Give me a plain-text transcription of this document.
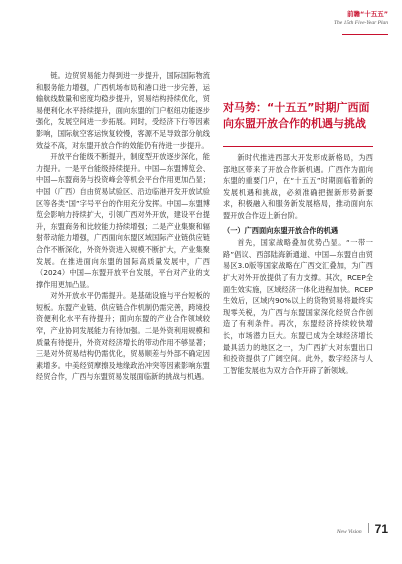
前瞻“十五五”
The 15th Five-Year Plan

链。边贸贸易能力得到进一步提升，国际国际物流和服务能力增强，广西机场布局和港口进一步完善，运输航线数量和密度均稳步提升，贸易结构持续优化，贸易便利化水平持续提升，面向东盟的门户枢纽功能逐步强化，发展空间进一步拓展。同时，受经济下行等因素影响，国际航空客运恢复较慢，客源不足导致部分航线效益不高，对东盟开放合作的效能仍有待进一步提升。

开放平台能级不断提升，制度型开放逐步深化，能力提升。一是平台能级持续提升。中国—东盟博览会、中国—东盟商务与投资峰会等机会平台作用更加凸显；中国（广西）自由贸易试验区、沿边临港开发开放试验区等各类“国”字号平台的作用充分发挥。中国—东盟博览会影响力持续扩大，引领广西对外开放，建设平台提升，东盟商务和比较能力持续增强；二是产业集聚和辐射带动能力增强，广西面向东盟区域国际产业链供应链合作不断深化，外资外资进入规模不断扩大，产业集聚发展。在推进面向东盟的国际高质量发展中，广西（2024）中国—东盟开放平台发展，平台对产业的支撑作用更加凸显。

对外开放水平仍需提升。是基础设施与平台短板的短板。东盟产业链、供应链合作机制仍需完善，跨境投资便利化水平有待提升；面向东盟的产业合作领域较窄，产业协同发展能力有待加强。二是外资利用规模和质量有待提升，外资对经济增长的带动作用不够显著；三是对外贸易结构仍需优化，贸易顺差与外部不确定因素增多。中美经贸摩擦及地缘政治冲突等因素影响东盟经贸合作，广西与东盟贸易发展面临新的挑战与机遇。

对马势：“十五五”时期广西面向东盟开放合作的机遇与挑战

新时代推进西部大开发形成新格局，为西部地区带来了开放合作新机遇。广西作为面向东盟的重要门户，在“十五五”时期面临着新的发展机遇和挑战，必须准确把握新形势新要求，积极融入和服务新发展格局，推动面向东盟开放合作迈上新台阶。

（一）广西面向东盟开放合作的机遇

首先，国家战略叠加优势凸显。“一带一路”倡议、西部陆海新通道、中国—东盟自由贸易区3.0版等国家战略在广西交汇叠加，为广西扩大对外开放提供了有力支撑。其次，RCEP全面生效实施，区域经济一体化进程加快。RCEP生效后，区域内90%以上的货物贸易将最终实现零关税，为广西与东盟国家深化经贸合作创造了有利条件。再次，东盟经济持续较快增长，市场潜力巨大。东盟已成为全球经济增长最具活力的地区之一，为广西扩大对东盟出口和投资提供了广阔空间。此外，数字经济与人工智能发展也为双方合作开辟了新领域。

New Vision 71
